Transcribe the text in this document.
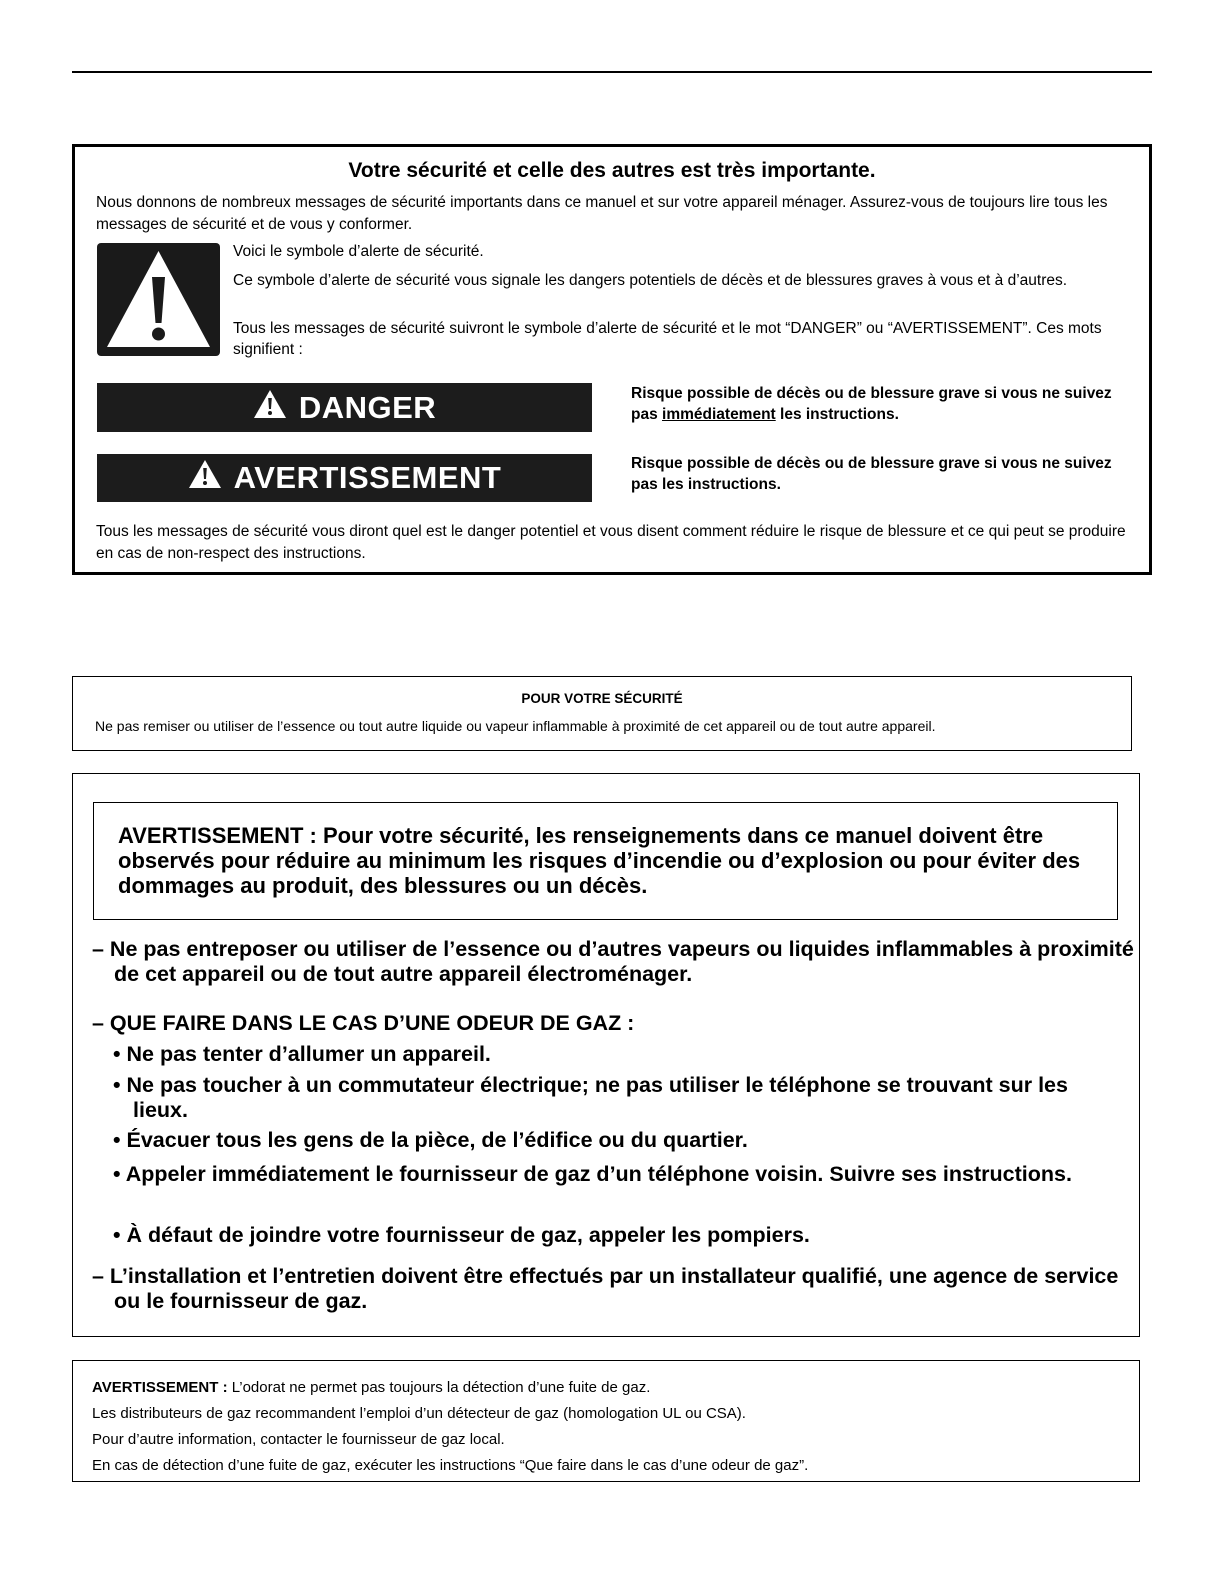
Votre sécurité et celle des autres est très importante.
Nous donnons de nombreux messages de sécurité importants dans ce manuel et sur votre appareil ménager. Assurez-vous de toujours lire tous les messages de sécurité et de vous y conformer.
Voici le symbole d’alerte de sécurité.
Ce symbole d’alerte de sécurité vous signale les dangers potentiels de décès et de blessures graves à vous et à d’autres.
Tous les messages de sécurité suivront le symbole d’alerte de sécurité et le mot “DANGER” ou “AVERTISSEMENT”. Ces mots signifient :
DANGER	Risque possible de décès ou de blessure grave si vous ne suivez pas immédiatement les instructions.
AVERTISSEMENT	Risque possible de décès ou de blessure grave si vous ne suivez pas les instructions.
Tous les messages de sécurité vous diront quel est le danger potentiel et vous disent comment réduire le risque de blessure et ce qui peut se produire en cas de non-respect des instructions.
POUR VOTRE SÉCURITÉ
Ne pas remiser ou utiliser de l’essence ou tout autre liquide ou vapeur inflammable à proximité de cet appareil ou de tout autre appareil.
AVERTISSEMENT : Pour votre sécurité, les renseignements dans ce manuel doivent être observés pour réduire au minimum les risques d’incendie ou d’explosion ou pour éviter des dommages au produit, des blessures ou un décès.
– Ne pas entreposer ou utiliser de l’essence ou d’autres vapeurs ou liquides inflammables à proximité de cet appareil ou de tout autre appareil électroménager.
– QUE FAIRE DANS LE CAS D’UNE ODEUR DE GAZ :
• Ne pas tenter d’allumer un appareil.
• Ne pas toucher à un commutateur électrique; ne pas utiliser le téléphone se trouvant sur les lieux.
• Évacuer tous les gens de la pièce, de l’édifice ou du quartier.
• Appeler immédiatement le fournisseur de gaz d’un téléphone voisin. Suivre ses instructions.
• À défaut de joindre votre fournisseur de gaz, appeler les pompiers.
– L’installation et l’entretien doivent être effectués par un installateur qualifié, une agence de service ou le fournisseur de gaz.
AVERTISSEMENT : L’odorat ne permet pas toujours la détection d’une fuite de gaz.
Les distributeurs de gaz recommandent l’emploi d’un détecteur de gaz (homologation UL ou CSA).
Pour d’autre information, contacter le fournisseur de gaz local.
En cas de détection d’une fuite de gaz, exécuter les instructions “Que faire dans le cas d’une odeur de gaz”.
